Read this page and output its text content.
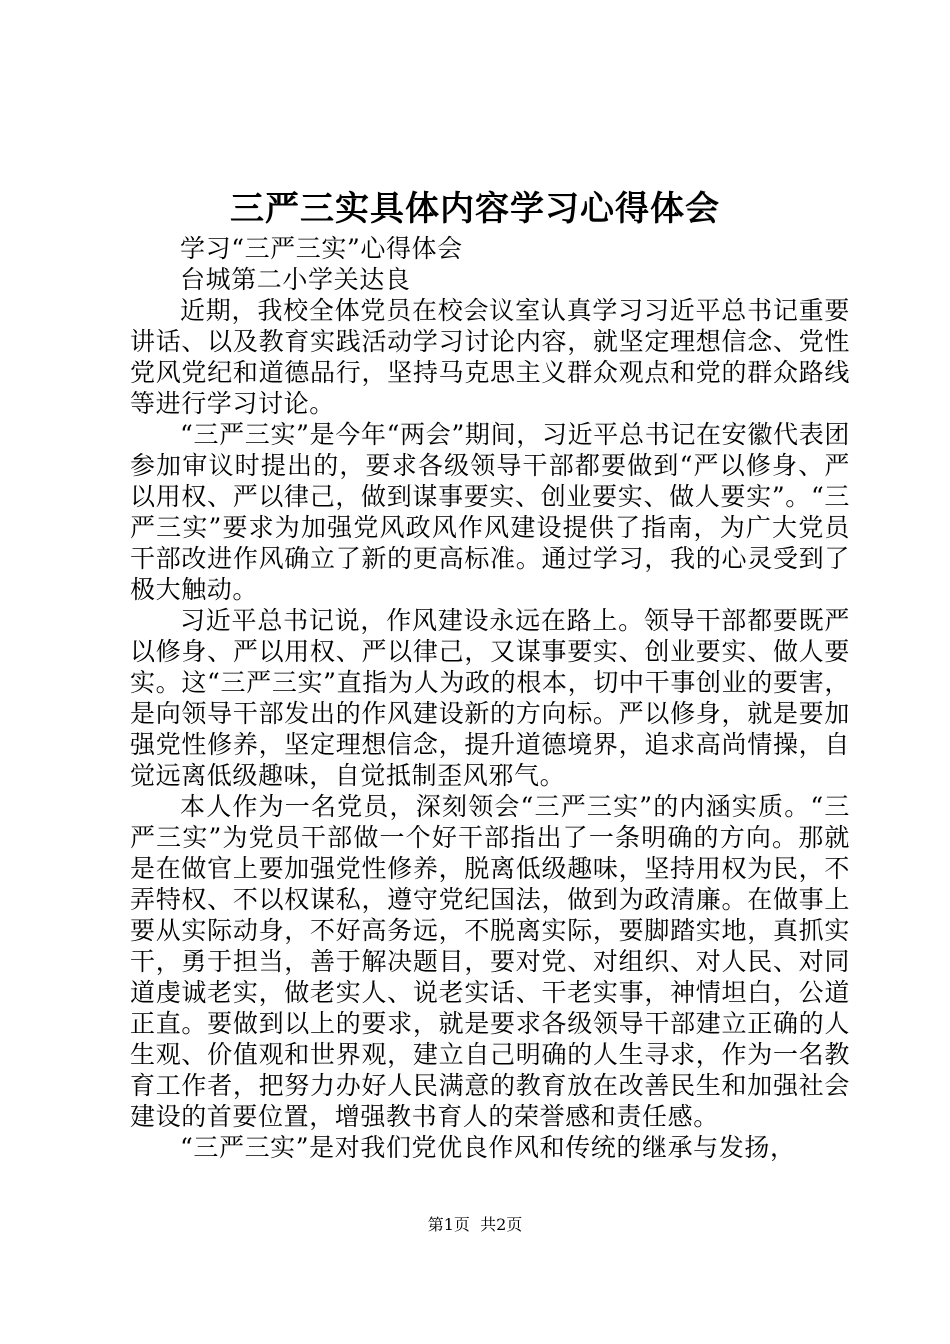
三严三实具体内容学习心得体会

学习“三严三实”心得体会

台城第二小学关达良

近期，我校全体党员在校会议室认真学习习近平总书记重要讲话、以及教育实践活动学习讨论内容，就坚定理想信念、党性党风党纪和道德品行，坚持马克思主义群众观点和党的群众路线等进行学习讨论。

“三严三实”是今年“两会”期间，习近平总书记在安徽代表团参加审议时提出的，要求各级领导干部都要做到“严以修身、严以用权、严以律己，做到谋事要实、创业要实、做人要实”。“三严三实”要求为加强党风政风作风建设提供了指南，为广大党员干部改进作风确立了新的更高标准。通过学习，我的心灵受到了极大触动。

习近平总书记说，作风建设永远在路上。领导干部都要既严以修身、严以用权、严以律己，又谋事要实、创业要实、做人要实。这“三严三实”直指为人为政的根本，切中干事创业的要害，是向领导干部发出的作风建设新的方向标。严以修身，就是要加强党性修养，坚定理想信念，提升道德境界，追求高尚情操，自觉远离低级趣味，自觉抵制歪风邪气。

本人作为一名党员，深刻领会“三严三实”的内涵实质。“三严三实”为党员干部做一个好干部指出了一条明确的方向。那就是在做官上要加强党性修养，脱离低级趣味，坚持用权为民，不弄特权、不以权谋私，遵守党纪国法，做到为政清廉。在做事上要从实际动身，不好高务远，不脱离实际，要脚踏实地，真抓实干，勇于担当，善于解决题目，要对党、对组织、对人民、对同道虔诚老实，做老实人、说老实话、干老实事，神情坦白，公道正直。要做到以上的要求，就是要求各级领导干部建立正确的人生观、价值观和世界观，建立自己明确的人生寻求，作为一名教育工作者，把努力办好人民满意的教育放在改善民生和加强社会建设的首要位置，增强教书育人的荣誉感和责任感。

“三严三实”是对我们党优良作风和传统的继承与发扬，

第1页 共2页
